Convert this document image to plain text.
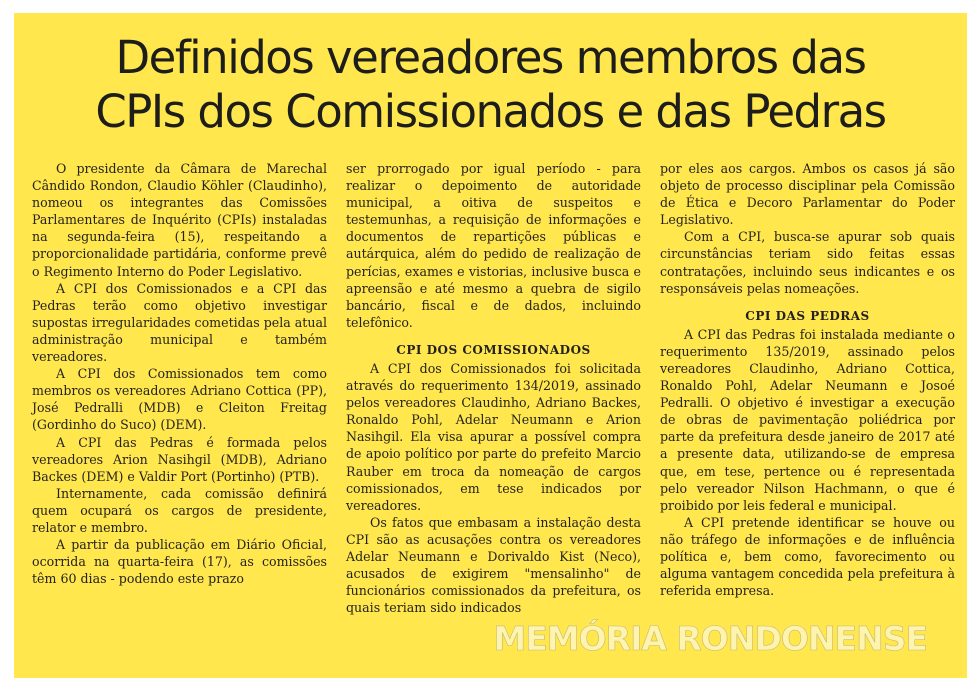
Definidos vereadores membros das
CPIs dos Comissionados e das Pedras

O presidente da Câmara de Marechal Cândido Rondon, Claudio Köhler (Claudinho), nomeou os integrantes das Comissões Parlamentares de Inquérito (CPIs) instaladas na segunda-feira (15), respeitando a proporcionalidade partidária, conforme prevê o Regimento Interno do Poder Legislativo.

A CPI dos Comissionados e a CPI das Pedras terão como objetivo investigar supostas irregularidades cometidas pela atual administração municipal e também vereadores.

A CPI dos Comissionados tem como membros os vereadores Adriano Cottica (PP), José Pedralli (MDB) e Cleiton Freitag (Gordinho do Suco) (DEM).

A CPI das Pedras é formada pelos vereadores Arion Nasihgil (MDB), Adriano Backes (DEM) e Valdir Port (Portinho) (PTB).

Internamente, cada comissão definirá quem ocupará os cargos de presidente, relator e membro.

A partir da publicação em Diário Oficial, ocorrida na quarta-feira (17), as comissões têm 60 dias - podendo este prazo

ser prorrogado por igual período - para realizar o depoimento de autoridade municipal, a oitiva de suspeitos e testemunhas, a requisição de informações e documentos de repartições públicas e autárquica, além do pedido de realização de perícias, exames e vistorias, inclusive busca e apreensão e até mesmo a quebra de sigilo bancário, fiscal e de dados, incluindo telefônico.

CPI DOS COMISSIONADOS

A CPI dos Comissionados foi solicitada através do requerimento 134/2019, assinado pelos vereadores Claudinho, Adriano Backes, Ronaldo Pohl, Adelar Neumann e Arion Nasihgil. Ela visa apurar a possível compra de apoio político por parte do prefeito Marcio Rauber em troca da nomeação de cargos comissionados, em tese indicados por vereadores.

Os fatos que embasam a instalação desta CPI são as acusações contra os vereadores Adelar Neumann e Dorivaldo Kist (Neco), acusados de exigirem "mensalinho" de funcionários comissionados da prefeitura, os quais teriam sido indicados

por eles aos cargos. Ambos os casos já são objeto de processo disciplinar pela Comissão de Ética e Decoro Parlamentar do Poder Legislativo.

Com a CPI, busca-se apurar sob quais circunstâncias teriam sido feitas essas contratações, incluindo seus indicantes e os responsáveis pelas nomeações.

CPI DAS PEDRAS

A CPI das Pedras foi instalada mediante o requerimento 135/2019, assinado pelos vereadores Claudinho, Adriano Cottica, Ronaldo Pohl, Adelar Neumann e Josoé Pedralli. O objetivo é investigar a execução de obras de pavimentação poliédrica por parte da prefeitura desde janeiro de 2017 até a presente data, utilizando-se de empresa que, em tese, pertence ou é representada pelo vereador Nilson Hachmann, o que é proibido por leis federal e municipal.

A CPI pretende identificar se houve ou não tráfego de informações e de influência política e, bem como, favorecimento ou alguma vantagem concedida pela prefeitura à referida empresa.

MEMÓRIA RONDONENSE
